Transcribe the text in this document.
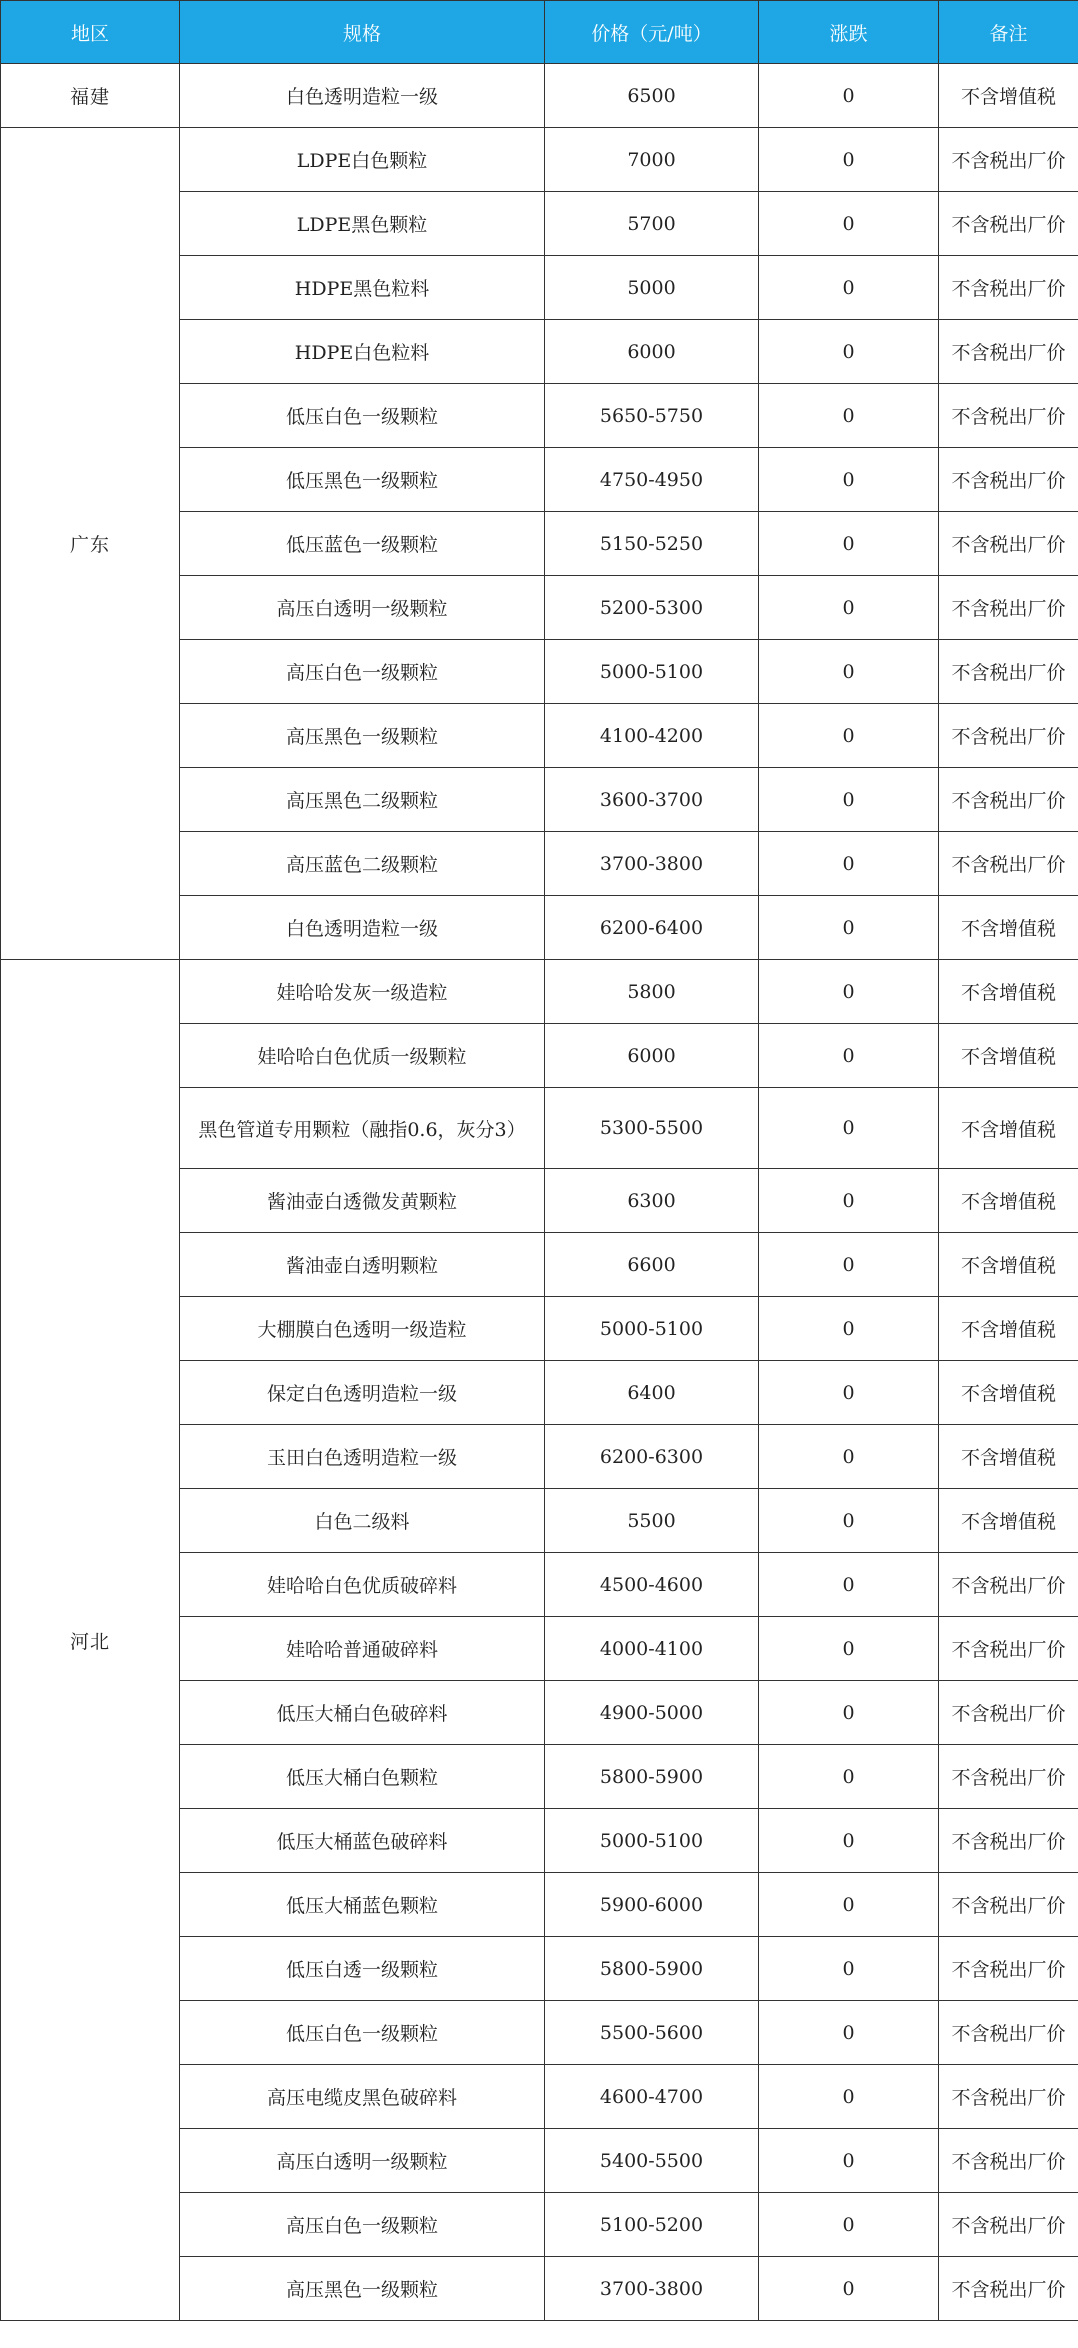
地区	规格	价格（元/吨）	涨跌	备注
福建	白色透明造粒一级	6500	0	不含增值税
广东	LDPE白色颗粒	7000	0	不含税出厂价
	LDPE黑色颗粒	5700	0	不含税出厂价
	HDPE黑色粒料	5000	0	不含税出厂价
	HDPE白色粒料	6000	0	不含税出厂价
	低压白色一级颗粒	5650-5750	0	不含税出厂价
	低压黑色一级颗粒	4750-4950	0	不含税出厂价
	低压蓝色一级颗粒	5150-5250	0	不含税出厂价
	高压白透明一级颗粒	5200-5300	0	不含税出厂价
	高压白色一级颗粒	5000-5100	0	不含税出厂价
	高压黑色一级颗粒	4100-4200	0	不含税出厂价
	高压黑色二级颗粒	3600-3700	0	不含税出厂价
	高压蓝色二级颗粒	3700-3800	0	不含税出厂价
	白色透明造粒一级	6200-6400	0	不含增值税
河北	娃哈哈发灰一级造粒	5800	0	不含增值税
	娃哈哈白色优质一级颗粒	6000	0	不含增值税
	黑色管道专用颗粒（融指0.6，灰分3）	5300-5500	0	不含增值税
	酱油壶白透微发黄颗粒	6300	0	不含增值税
	酱油壶白透明颗粒	6600	0	不含增值税
	大棚膜白色透明一级造粒	5000-5100	0	不含增值税
	保定白色透明造粒一级	6400	0	不含增值税
	玉田白色透明造粒一级	6200-6300	0	不含增值税
	白色二级料	5500	0	不含增值税
	娃哈哈白色优质破碎料	4500-4600	0	不含税出厂价
	娃哈哈普通破碎料	4000-4100	0	不含税出厂价
	低压大桶白色破碎料	4900-5000	0	不含税出厂价
	低压大桶白色颗粒	5800-5900	0	不含税出厂价
	低压大桶蓝色破碎料	5000-5100	0	不含税出厂价
	低压大桶蓝色颗粒	5900-6000	0	不含税出厂价
	低压白透一级颗粒	5800-5900	0	不含税出厂价
	低压白色一级颗粒	5500-5600	0	不含税出厂价
	高压电缆皮黑色破碎料	4600-4700	0	不含税出厂价
	高压白透明一级颗粒	5400-5500	0	不含税出厂价
	高压白色一级颗粒	5100-5200	0	不含税出厂价
	高压黑色一级颗粒	3700-3800	0	不含税出厂价
